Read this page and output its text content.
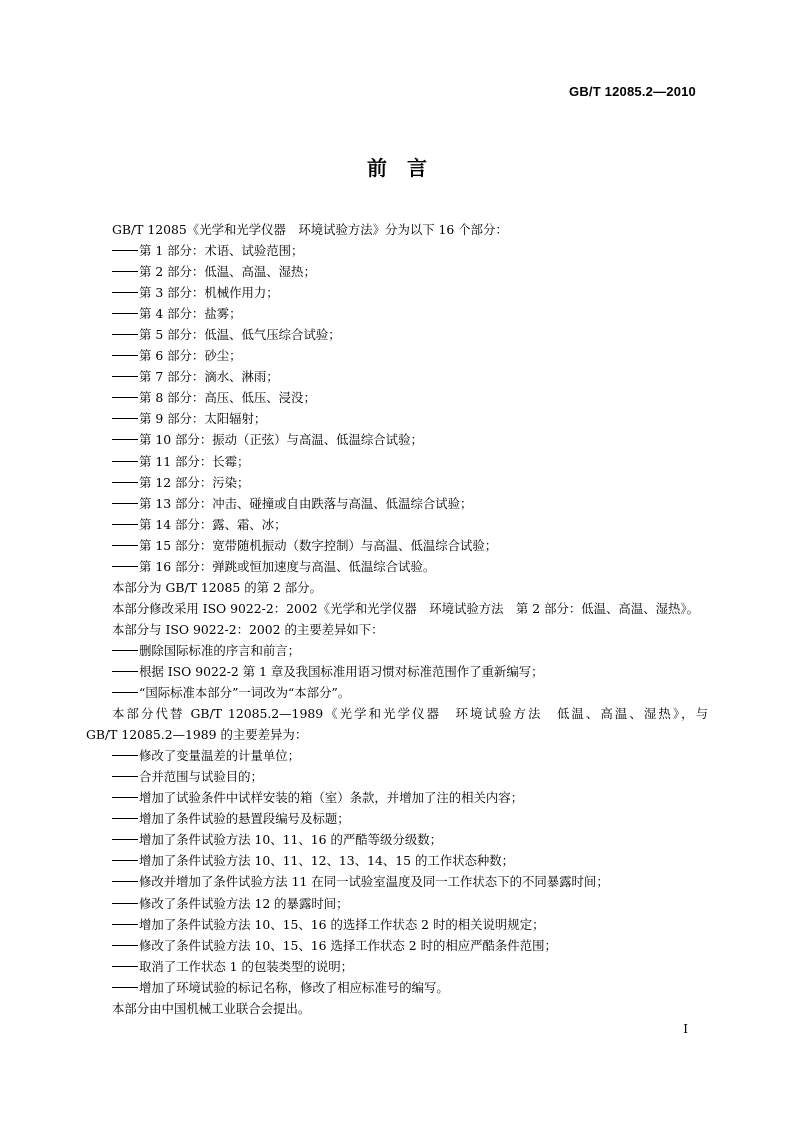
GB/T 12085.2—2010
前　言
GB/T 12085《光学和光学仪器　环境试验方法》分为以下 16 个部分：
第 1 部分：术语、试验范围；
第 2 部分：低温、高温、湿热；
第 3 部分：机械作用力；
第 4 部分：盐雾；
第 5 部分：低温、低气压综合试验；
第 6 部分：砂尘；
第 7 部分：滴水、淋雨；
第 8 部分：高压、低压、浸没；
第 9 部分：太阳辐射；
第 10 部分：振动（正弦）与高温、低温综合试验；
第 11 部分：长霉；
第 12 部分：污染；
第 13 部分：冲击、碰撞或自由跌落与高温、低温综合试验；
第 14 部分：露、霜、冰；
第 15 部分：宽带随机振动（数字控制）与高温、低温综合试验；
第 16 部分：弹跳或恒加速度与高温、低温综合试验。
本部分为 GB/T 12085 的第 2 部分。
本部分修改采用 ISO 9022-2：2002《光学和光学仪器　环境试验方法　第 2 部分：低温、高温、湿热》。
本部分与 ISO 9022-2：2002 的主要差异如下：
删除国际标准的序言和前言；
根据 ISO 9022-2 第 1 章及我国标准用语习惯对标准范围作了重新编写；
“国际标准本部分”一词改为“本部分”。
本部分代替 GB/T 12085.2—1989《光学和光学仪器　环境试验方法　低温、高温、湿热》，与
GB/T 12085.2—1989 的主要差异为：
修改了变量温差的计量单位；
合并范围与试验目的；
增加了试验条件中试样安装的箱（室）条款，并增加了注的相关内容；
增加了条件试验的悬置段编号及标题；
增加了条件试验方法 10、11、16 的严酷等级分级数；
增加了条件试验方法 10、11、12、13、14、15 的工作状态种数；
修改并增加了条件试验方法 11 在同一试验室温度及同一工作状态下的不同暴露时间；
修改了条件试验方法 12 的暴露时间；
增加了条件试验方法 10、15、16 的选择工作状态 2 时的相关说明规定；
修改了条件试验方法 10、15、16 选择工作状态 2 时的相应严酷条件范围；
取消了工作状态 1 的包装类型的说明；
增加了环境试验的标记名称，修改了相应标准号的编写。
本部分由中国机械工业联合会提出。
I
